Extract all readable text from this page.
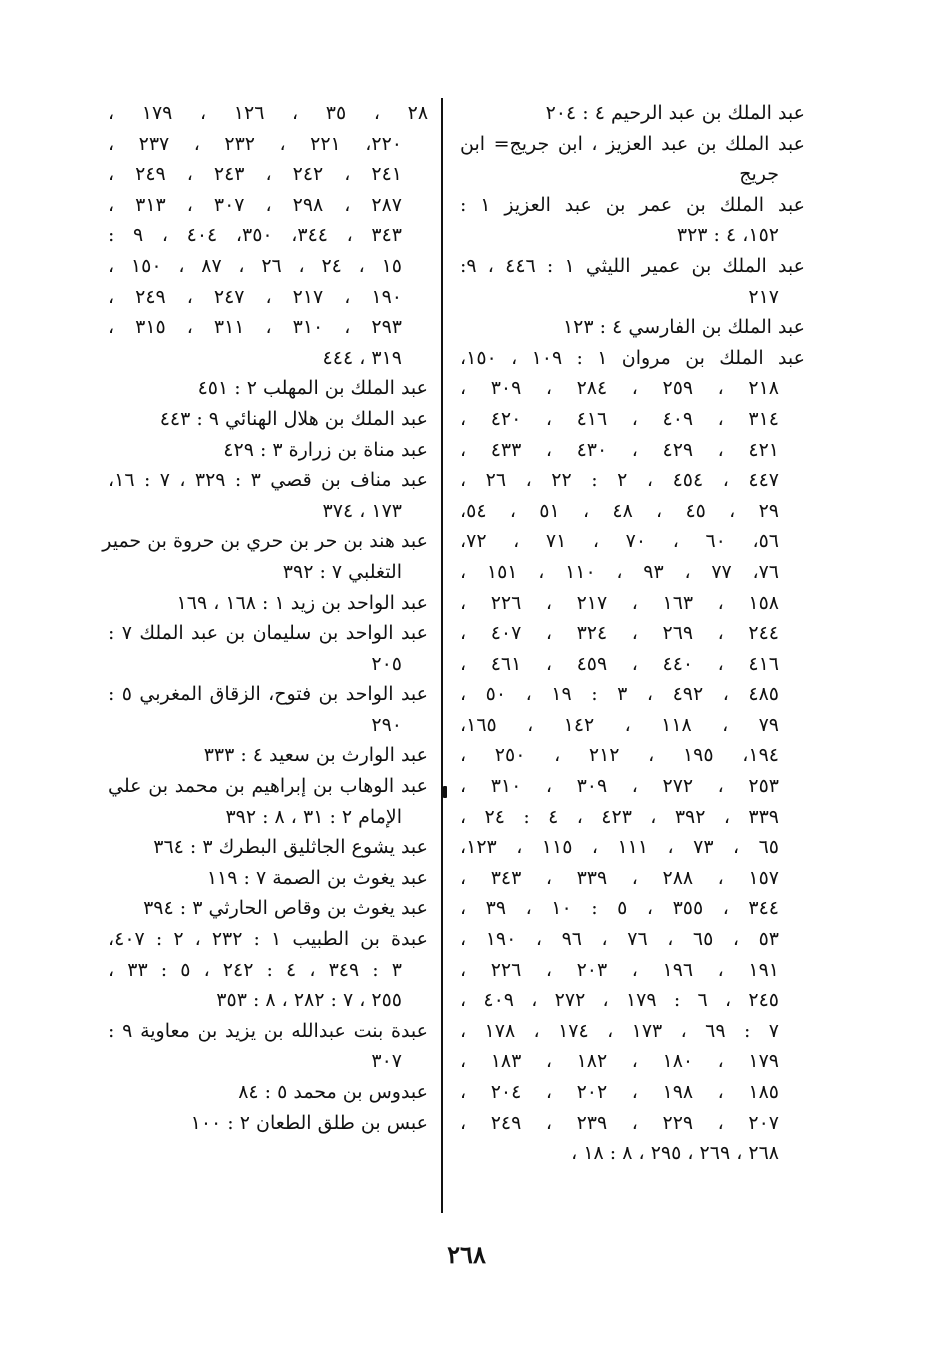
عبد الملك بن عبد الرحيم ٤ : ٢٠٤
عبد الملك بن عبد العزيز ، ابن جريج= ابن
جريج
عبد الملك بن عمر بن عبد العزيز ١ :
١٥٢، ٤ : ٣٢٣
عبد الملك بن عمير الليثي ١ : ٤٤٦ ، ٩:
٢١٧
عبد الملك بن الفارسي ٤ : ١٢٣
عبد الملك بن مروان ١ : ١٠٩ ، ١٥٠،
٢١٨ ، ٢٥٩ ، ٢٨٤ ، ٣٠٩ ،
٣١٤ ، ٤٠٩ ، ٤١٦ ، ٤٢٠ ،
٤٢١ ، ٤٢٩ ، ٤٣٠ ، ٤٣٣ ،
٤٤٧ ، ٤٥٤ ، ٢ : ٢٢ ، ٢٦ ،
٢٩ ، ٤٥ ، ٤٨ ، ٥١ ، ٥٤،
٥٦، ٦٠ ، ٧٠ ، ٧١ ، ٧٢،
٧٦، ٧٧ ، ٩٣ ، ١١٠ ، ١٥١ ،
١٥٨ ، ١٦٣ ، ٢١٧ ، ٢٢٦ ،
٢٤٤ ، ٢٦٩ ، ٣٢٤ ، ٤٠٧ ،
٤١٦ ، ٤٤٠ ، ٤٥٩ ، ٤٦١ ،
٤٨٥ ، ٤٩٢ ، ٣ : ١٩ ، ٥٠ ،
٧٩ ، ١١٨ ، ١٤٢ ، ١٦٥،
١٩٤، ١٩٥ ، ٢١٢ ، ٢٥٠ ،
٢٥٣ ، ٢٧٢ ، ٣٠٩ ، ٣١٠ ،
٣٣٩ ، ٣٩٢ ، ٤٢٣ ، ٤ : ٢٤ ،
٦٥ ، ٧٣ ، ١١١ ، ١١٥ ، ١٢٣،
١٥٧ ، ٢٨٨ ، ٣٣٩ ، ٣٤٣ ،
٣٤٤ ، ٣٥٥ ، ٥ : ١٠ ، ٣٩ ،
٥٣ ، ٦٥ ، ٧٦ ، ٩٦ ، ١٩٠ ،
١٩١ ، ١٩٦ ، ٢٠٣ ، ٢٢٦ ،
٢٤٥ ، ٦ : ١٧٩ ، ٢٧٢ ، ٤٠٩ ،
٧ : ٦٩ ، ١٧٣ ، ١٧٤ ، ١٧٨ ،
١٧٩ ، ١٨٠ ، ١٨٢ ، ١٨٣ ،
١٨٥ ، ١٩٨ ، ٢٠٢ ، ٢٠٤ ،
٢٠٧ ، ٢٢٩ ، ٢٣٩ ، ٢٤٩ ،
٢٦٨ ، ٢٦٩ ، ٢٩٥ ، ٨ : ١٨ ،
٢٨ ، ٣٥ ، ١٢٦ ، ١٧٩ ،
٢٢٠، ٢٢١ ، ٢٣٢ ، ٢٣٧ ،
٢٤١ ، ٢٤٢ ، ٢٤٣ ، ٢٤٩ ،
٢٨٧ ، ٢٩٨ ، ٣٠٧ ، ٣١٣ ،
٣٤٣ ، ٣٤٤، ٣٥٠، ٤٠٤ ، ٩ :
١٥ ، ٢٤ ، ٢٦ ، ٨٧ ، ١٥٠ ،
١٩٠ ، ٢١٧ ، ٢٤٧ ، ٢٤٩ ،
٢٩٣ ، ٣١٠ ، ٣١١ ، ٣١٥ ،
٣١٩ ، ٤٤٤
عبد الملك بن المهلب ٢ : ٤٥١
عبد الملك بن هلال الهنائي ٩ : ٤٤٣
عبد مناة بن زرارة ٣ : ٤٢٩
عبد مناف بن قصي ٣ : ٣٢٩ ، ٧ : ١٦،
١٧٣ ، ٣٧٤
عبد هند بن حر بن حري بن حروة بن حمير
التغلبي ٧ : ٣٩٢
عبد الواحد بن زيد ١ : ١٦٨ ، ١٦٩
عبد الواحد بن سليمان بن عبد الملك ٧ :
٢٠٥
عبد الواحد بن فتوح، الزقاق المغربي ٥ :
٢٩٠
عبد الوارث بن سعيد ٤ : ٣٣٣
عبد الوهاب بن إبراهيم بن محمد بن علي
الإمام ٢ : ٣١ ، ٨ : ٣٩٢
عبد يشوع الجاثليق البطرك ٣ : ٣٦٤
عبد يغوث بن الصمة ٧ : ١١٩
عبد يغوث بن وقاص الحارثي ٣ : ٣٩٤
عبدة بن الطبيب ١ : ٢٣٢ ، ٢ : ٤٠٧،
٣ : ٣٤٩ ، ٤ : ٢٤٢ ، ٥ : ٣٣ ،
٢٥٥ ، ٧ : ٢٨٢ ، ٨ : ٣٥٣
عبدة بنت عبدالله بن يزيد بن معاوية ٩ :
٣٠٧
عبدوس بن محمد ٥ : ٨٤
عبس بن طلق الطعان ٢ : ١٠٠
٢٦٨
